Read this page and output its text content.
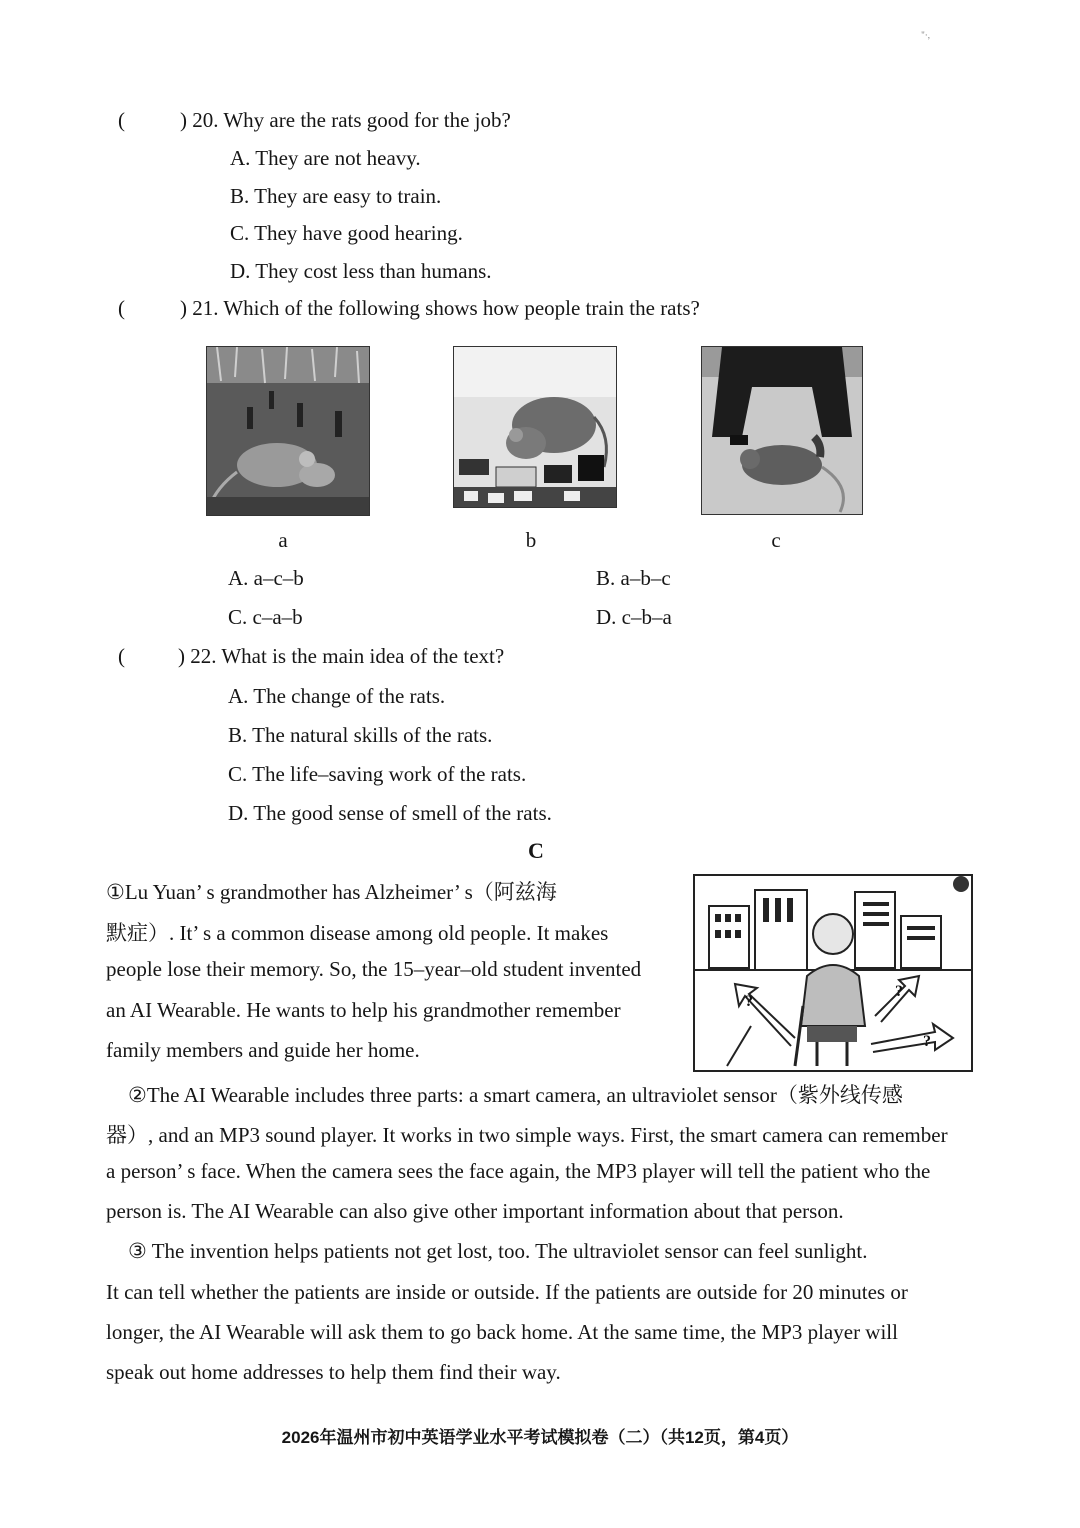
"·,
(	) 20. Why are the rats good for the job?
A. They are not heavy.
B. They are easy to train.
C. They have good hearing.
D. They cost less than humans.
(	) 21. Which of the following shows how people train the rats?
a	b	c
A. a–c–b	B. a–b–c
C. c–a–b	D. c–b–a
(	) 22. What is the main idea of the text?
A. The change of the rats.
B. The natural skills of the rats.
C. The life–saving work of the rats.
D. The good sense of smell of the rats.
C
?
?
?
①Lu Yuan’ s grandmother has Alzheimer’ s（阿兹海
默症）. It’ s a common disease among old people. It makes
people lose their memory. So, the 15–year–old student invented
an AI Wearable. He wants to help his grandmother remember
family members and guide her home.
②The AI Wearable includes three parts: a smart camera, an ultraviolet sensor（紫外线传感
器）, and an MP3 sound player. It works in two simple ways. First, the smart camera can remember
a person’ s face. When the camera sees the face again, the MP3 player will tell the patient who the
person is. The AI Wearable can also give other important information about that person.
③ The invention helps patients not get lost, too. The ultraviolet sensor can feel sunlight.
It can tell whether the patients are inside or outside. If the patients are outside for 20 minutes or
longer, the AI Wearable will ask them to go back home. At the same time, the MP3 player will
speak out home addresses to help them find their way.
2026年温州市初中英语学业水平考试模拟卷（二）（共12页，第4页）
